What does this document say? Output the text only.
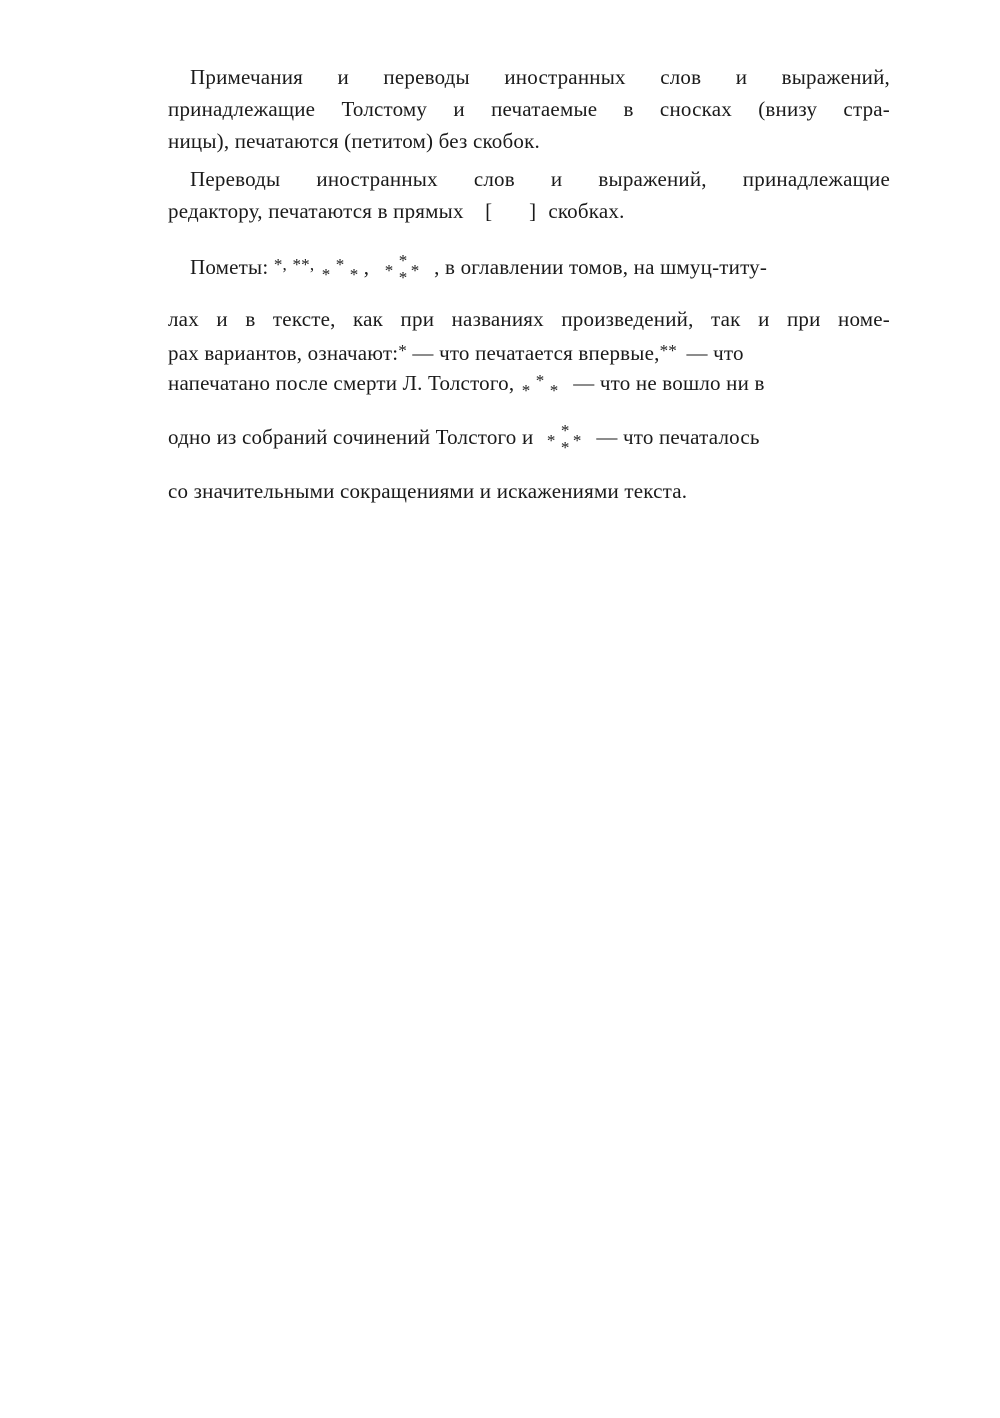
Примечания и переводы иностранных слов и выражений,
принадлежащие Толстому и печатаемые в сносках (внизу стра-
ницы), печатаются (петитом) без скобок.
Переводы иностранных слов и выражений, принадлежащие
редактору, печатаются в прямых [ ] скобках.
Пометы: *, **,
*
*
* , *
* *
* , в оглавлении томов, на шмуц-титу-
лах и в тексте, как при названиях произведений, так и при номе-
рах вариантов, означают:* — что печатается впервые,** — что
напечатано после смерти Л. Толстого, *
*
* — что не вошло ни в
одно из собраний сочинений Толстого и *
* *
* — что печаталось
со значительными сокращениями и искажениями текста.
